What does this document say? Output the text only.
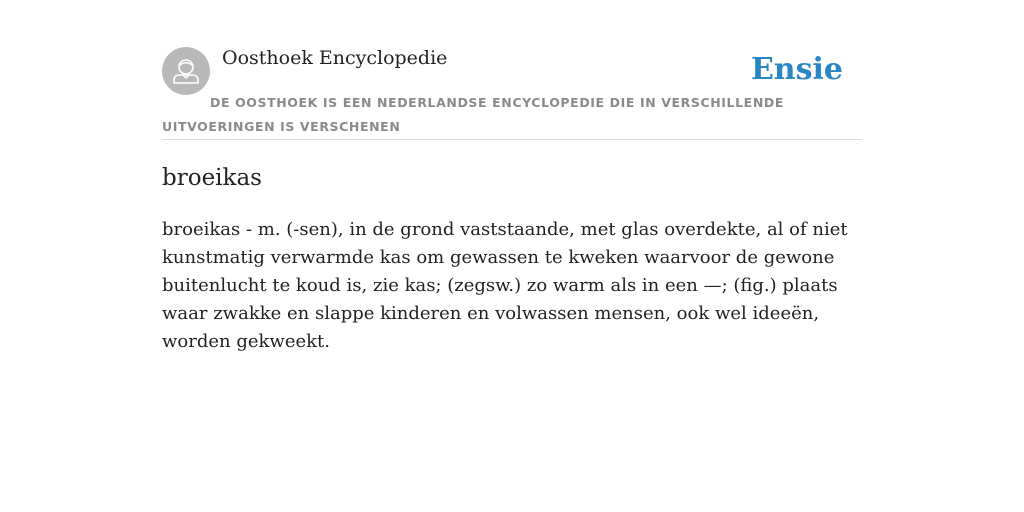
Oosthoek Encyclopedie	Ensie
DE OOSTHOEK IS EEN NEDERLANDSE ENCYCLOPEDIE DIE IN VERSCHILLENDE UITVOERINGEN IS VERSCHENEN
broeikas

broeikas - m. (-sen), in de grond vaststaande, met glas overdekte, al of niet kunstmatig verwarmde kas om gewassen te kweken waarvoor de gewone buitenlucht te koud is, zie kas; (zegsw.) zo warm als in een —; (fig.) plaats waar zwakke en slappe kinderen en volwassen mensen, ook wel ideeën, worden gekweekt.
